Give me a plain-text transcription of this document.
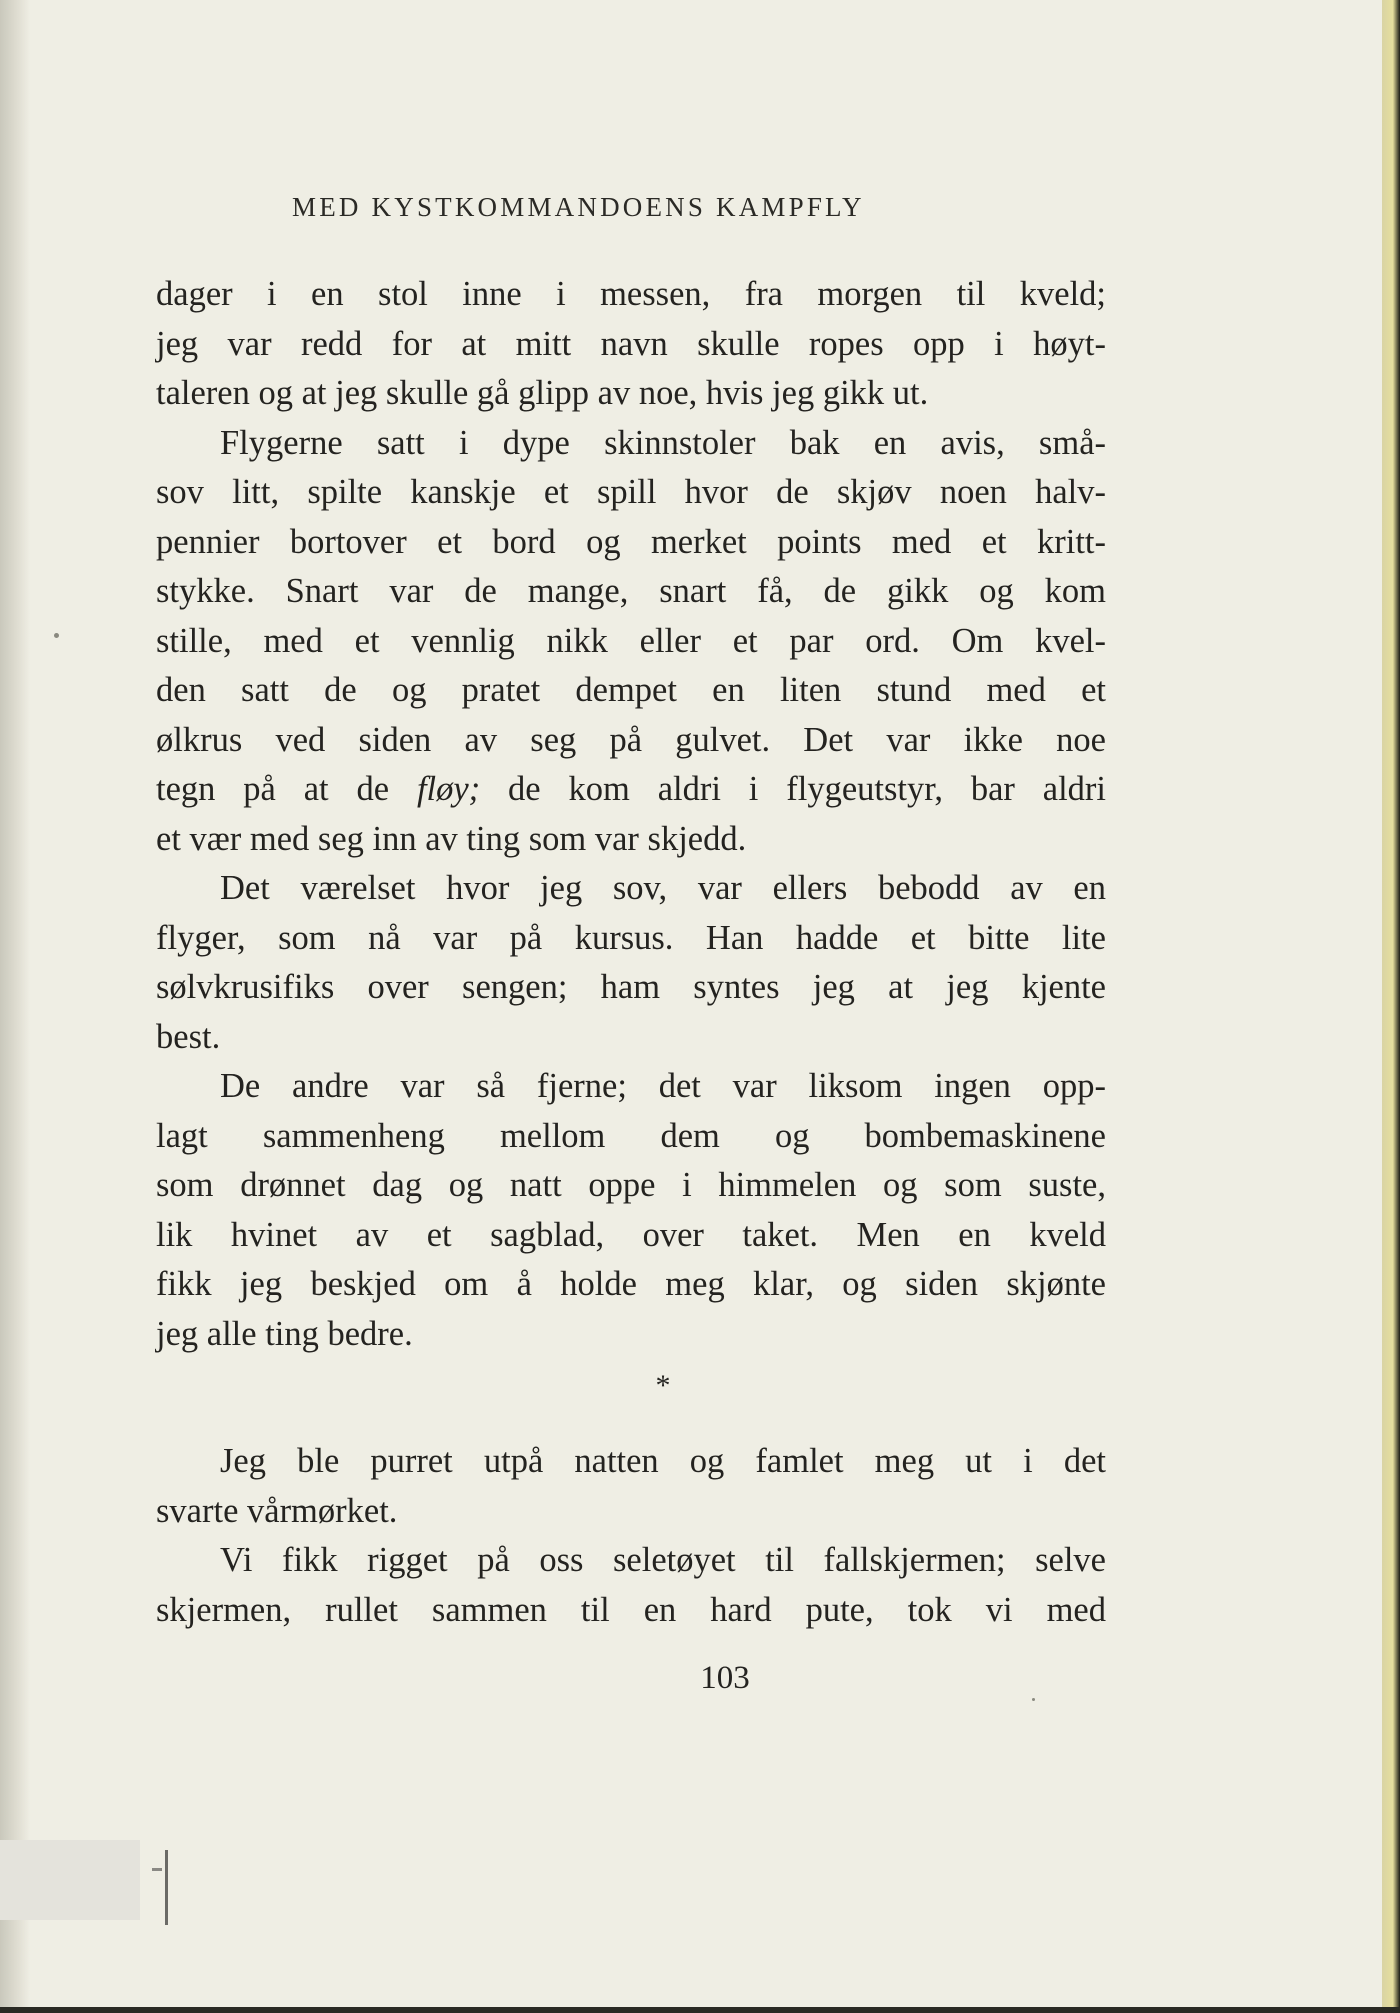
MED KYSTKOMMANDOENS KAMPFLY
dager i en stol inne i messen, fra morgen til kveld;
jeg var redd for at mitt navn skulle ropes opp i høyt-
taleren og at jeg skulle gå glipp av noe, hvis jeg gikk ut.
Flygerne satt i dype skinnstoler bak en avis, små-
sov litt, spilte kanskje et spill hvor de skjøv noen halv-
pennier bortover et bord og merket points med et kritt-
stykke. Snart var de mange, snart få, de gikk og kom
stille, med et vennlig nikk eller et par ord. Om kvel-
den satt de og pratet dempet en liten stund med et
ølkrus ved siden av seg på gulvet. Det var ikke noe
tegn på at de fløy; de kom aldri i flygeutstyr, bar aldri
et vær med seg inn av ting som var skjedd.
Det værelset hvor jeg sov, var ellers bebodd av en
flyger, som nå var på kursus. Han hadde et bitte lite
sølvkrusifiks over sengen; ham syntes jeg at jeg kjente
best.
De andre var så fjerne; det var liksom ingen opp-
lagt sammenheng mellom dem og bombemaskinene
som drønnet dag og natt oppe i himmelen og som suste,
lik hvinet av et sagblad, over taket. Men en kveld
fikk jeg beskjed om å holde meg klar, og siden skjønte
jeg alle ting bedre.
*
Jeg ble purret utpå natten og famlet meg ut i det
svarte vårmørket.
Vi fikk rigget på oss seletøyet til fallskjermen; selve
skjermen, rullet sammen til en hard pute, tok vi med
103
